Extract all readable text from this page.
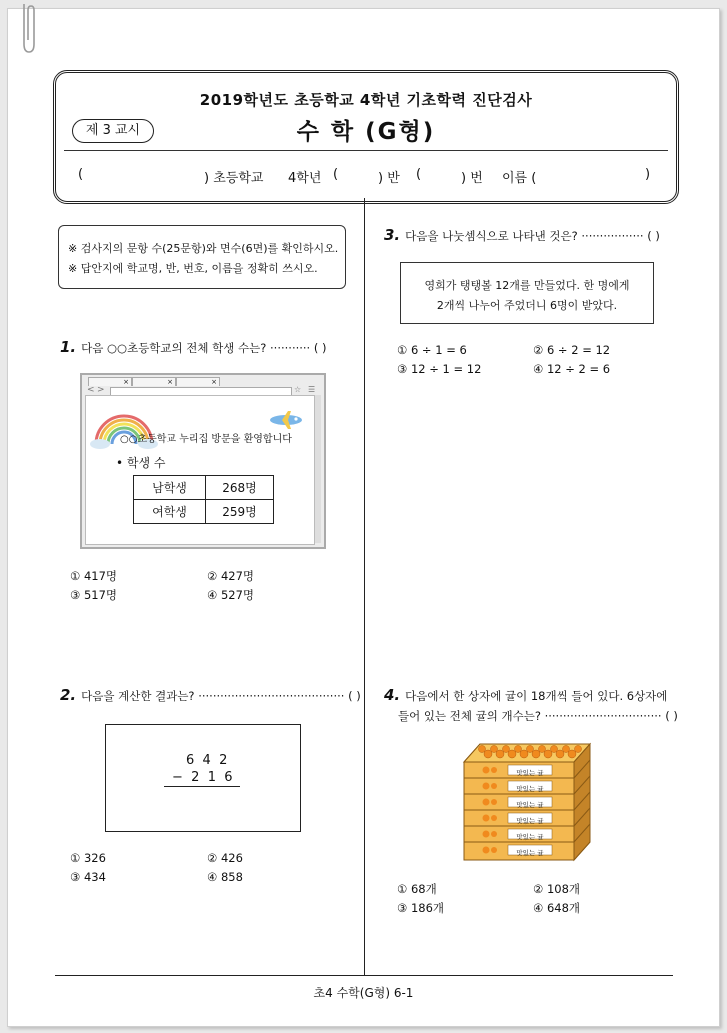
2019학년도 초등학교 4학년 기초학력 진단검사
제 3 교시	수 학 (G형)
(	) 초등학교 4학년 (	) 반 (	) 번 이름 (	)
※ 검사지의 문항 수(25문항)와 면수(6면)를 확인하시오.
※ 답안지에 학교명, 반, 번호, 이름을 정확히 쓰시오.
1. 다음 ○○초등학교의 전체 학생 수는? ··········· ( )
×	×	×
< >	☆ ☰
○○초등학교 누리집 방문을 환영합니다
• 학생 수
남학생	268명
여학생	259명
① 417명	② 427명
③ 517명	④ 527명
2. 다음을 계산한 결과는? ········································ ( )
6  4  2
−  2  1  6
① 326	② 426
③ 434	④ 858
3. 다음을 나눗셈식으로 나타낸 것은? ················· ( )
영희가 탱탱볼 12개를 만들었다. 한 명에게
2개씩 나누어 주었더니 6명이 받았다.
① 6 ÷ 1 = 6	② 6 ÷ 2 = 12
③ 12 ÷ 1 = 12	④ 12 ÷ 2 = 6
4. 다음에서 한 상자에 귤이 18개씩 들어 있다. 6상자에
들어 있는 전체 귤의 개수는? ································ ( )
맛있는 귤
맛있는 귤
맛있는 귤
맛있는 귤
맛있는 귤
맛있는 귤
① 68개	② 108개
③ 186개	④ 648개
초4 수학(G형) 6-1
